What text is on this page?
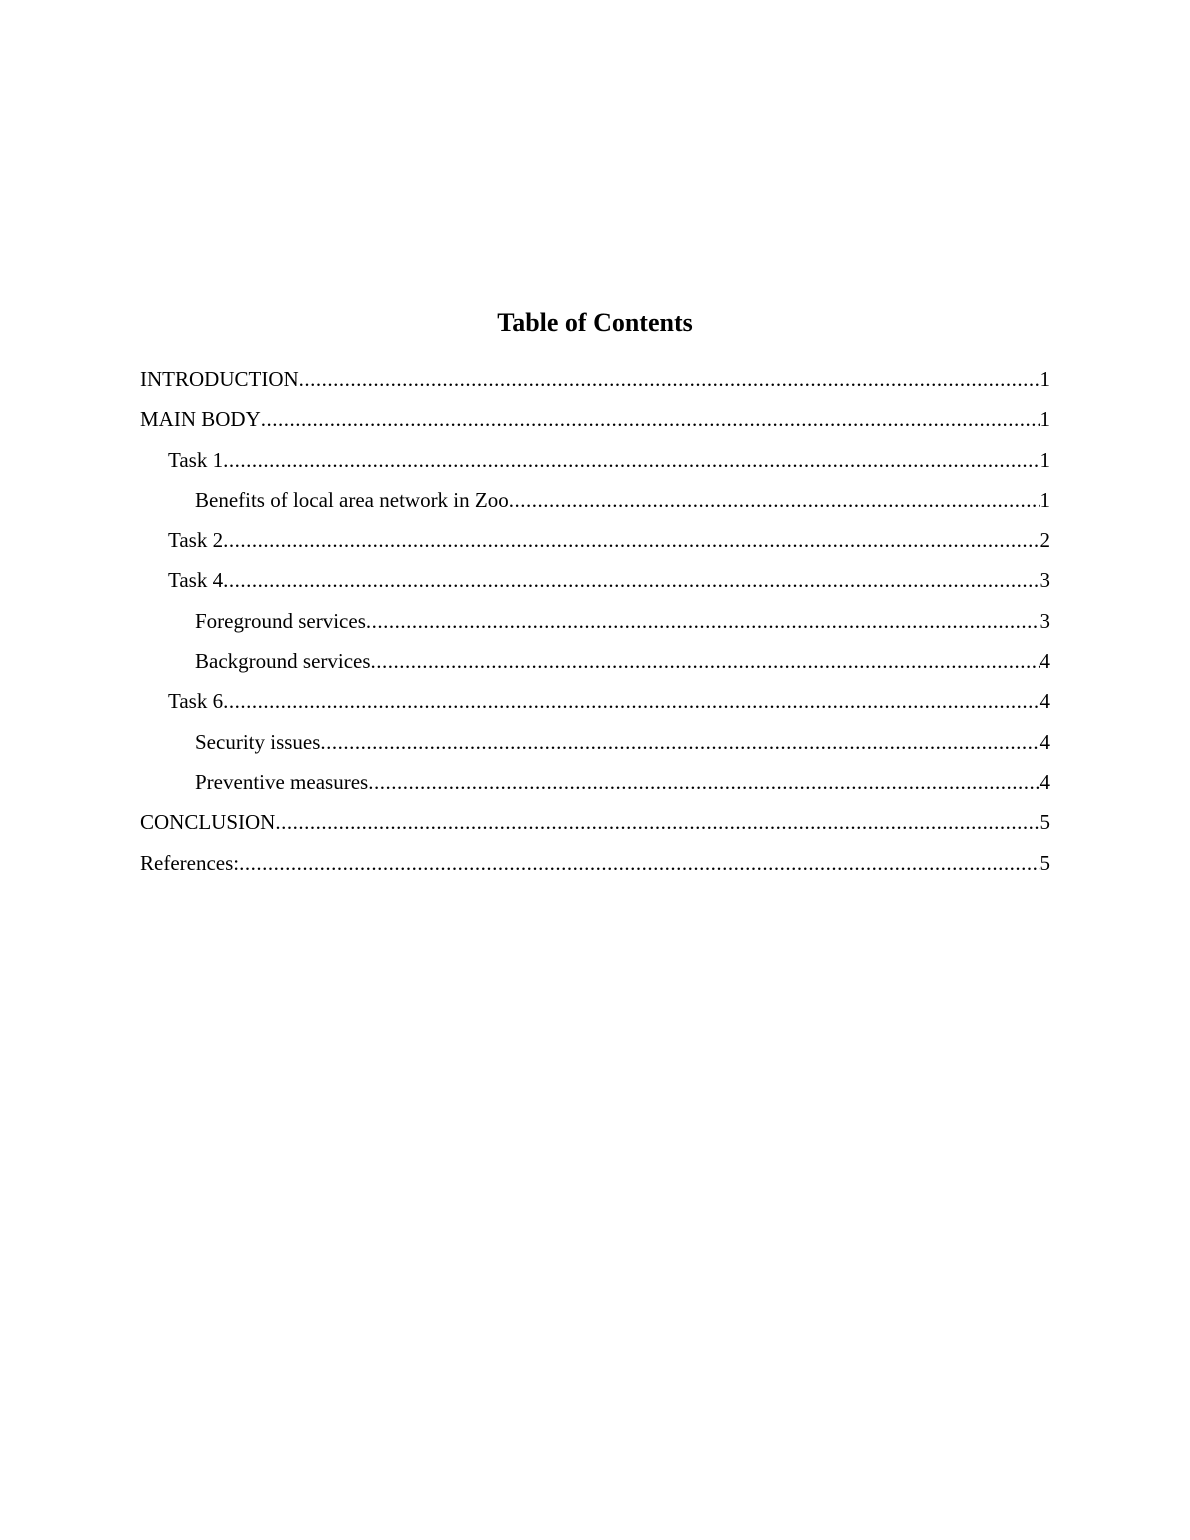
Table of Contents
INTRODUCTION .....	1
MAIN BODY .....	1
Task 1 .....	1
Benefits of local area network in Zoo .....	1
Task 2 .....	2
Task 4 .....	3
Foreground services .....	3
Background services .....	4
Task 6 .....	4
Security issues .....	4
Preventive measures .....	4
CONCLUSION .....	5
References: .....	5
